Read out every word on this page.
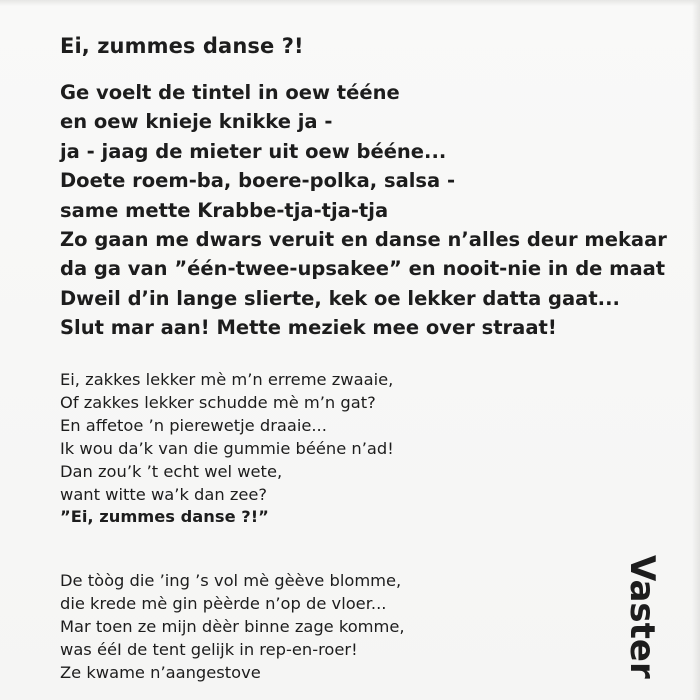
Ei, zummes danse ?!
Ge voelt de tintel in oew tééne
en oew knieje knikke ja -
ja - jaag de mieter uit oew bééne...
Doete roem-ba, boere-polka, salsa -
same mette Krabbe-tja-tja-tja
Zo gaan me dwars veruit en danse n’alles deur mekaar
da ga van ”één-twee-upsakee” en nooit-nie in de maat
Dweil d’in lange slierte, kek oe lekker datta gaat...
Slut mar aan! Mette meziek mee over straat!
Ei, zakkes lekker mè m’n erreme zwaaie,
Of zakkes lekker schudde mè m’n gat?
En affetoe ’n pierewetje draaie...
Ik wou da’k van die gummie bééne n’ad!
Dan zou’k ’t echt wel wete,
want witte wa’k dan zee?
”Ei, zummes danse ?!”
De tòòg die ’ing ’s vol mè gèève blomme,
die krede mè gin pèèrde n’op de vloer...
Mar toen ze mijn dèèr binne zage komme,
was ééI de tent gelijk in rep-en-roer!
Ze kwame n’aangestove	Vaster
